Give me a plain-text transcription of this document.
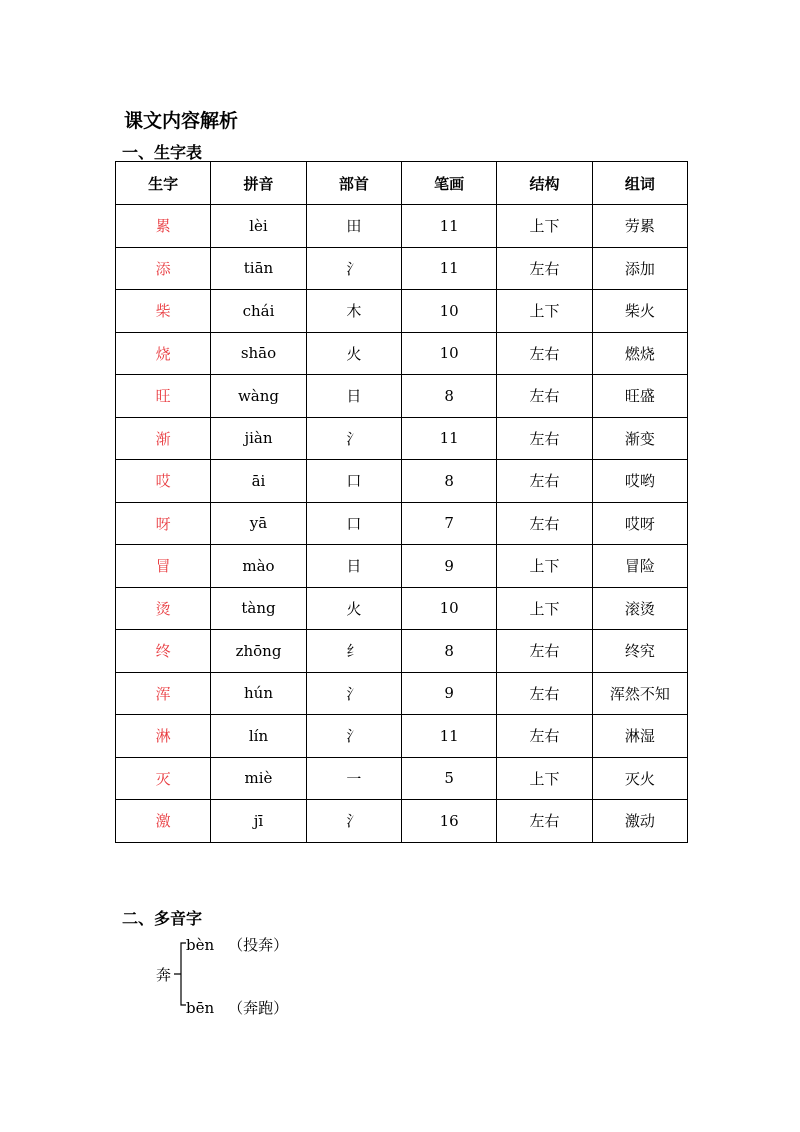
课文内容解析
一、生字表
生字	拼音	部首	笔画	结构	组词
累	lèi	田	11	上下	劳累
添	tiān	氵	11	左右	添加
柴	chái	木	10	上下	柴火
烧	shāo	火	10	左右	燃烧
旺	wàng	日	8	左右	旺盛
渐	jiàn	氵	11	左右	渐变
哎	āi	口	8	左右	哎哟
呀	yā	口	7	左右	哎呀
冒	mào	日	9	上下	冒险
烫	tàng	火	10	上下	滚烫
终	zhōng	纟	8	左右	终究
浑	hún	氵	9	左右	浑然不知
淋	lín	氵	11	左右	淋湿
灭	miè	一	5	上下	灭火
激	jī	氵	16	左右	激动
二、多音字
奔
bèn （投奔）
bēn （奔跑）
